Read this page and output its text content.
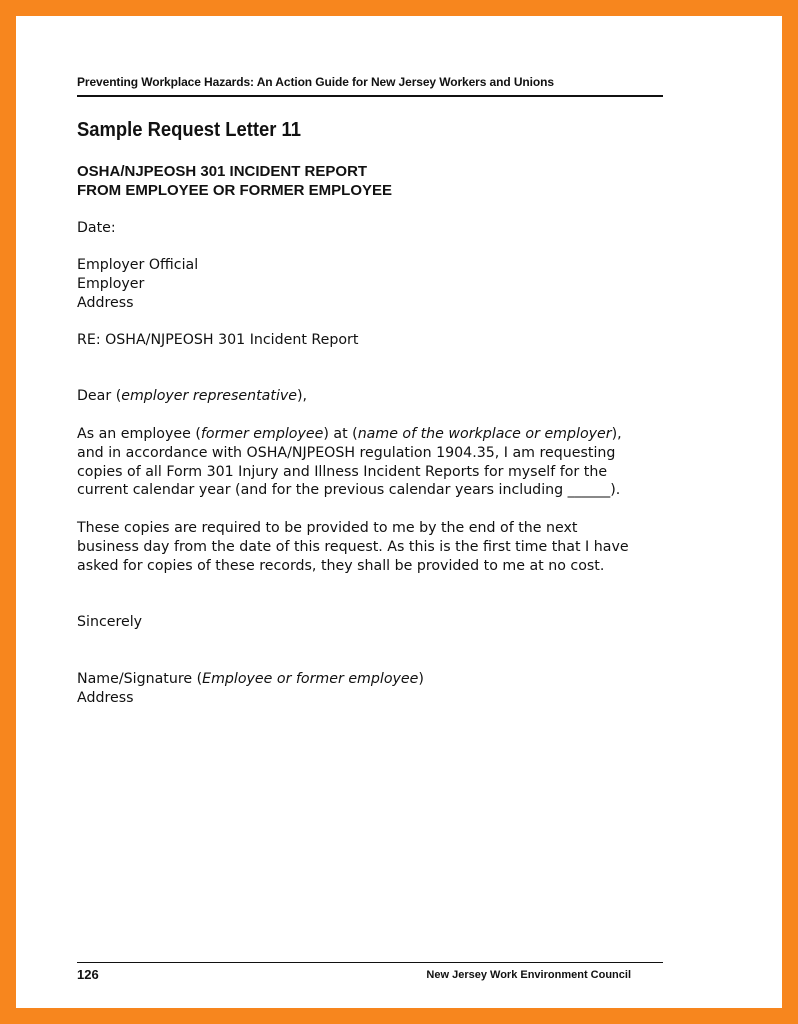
Preventing Workplace Hazards: An Action Guide for New Jersey Workers and Unions
Sample Request Letter 11
OSHA/NJPEOSH 301 INCIDENT REPORT
FROM EMPLOYEE OR FORMER EMPLOYEE
Date:
Employer Official
Employer
Address
RE: OSHA/NJPEOSH 301 Incident Report
Dear (employer representative),
As an employee (former employee) at (name of the workplace or employer),
and in accordance with OSHA/NJPEOSH regulation 1904.35, I am requesting
copies of all Form 301 Injury and Illness Incident Reports for myself for the
current calendar year (and for the previous calendar years including ______).
These copies are required to be provided to me by the end of the next
business day from the date of this request. As this is the first time that I have
asked for copies of these records, they shall be provided to me at no cost.
Sincerely
Name/Signature (Employee or former employee)
Address
126	New Jersey Work Environment Council
